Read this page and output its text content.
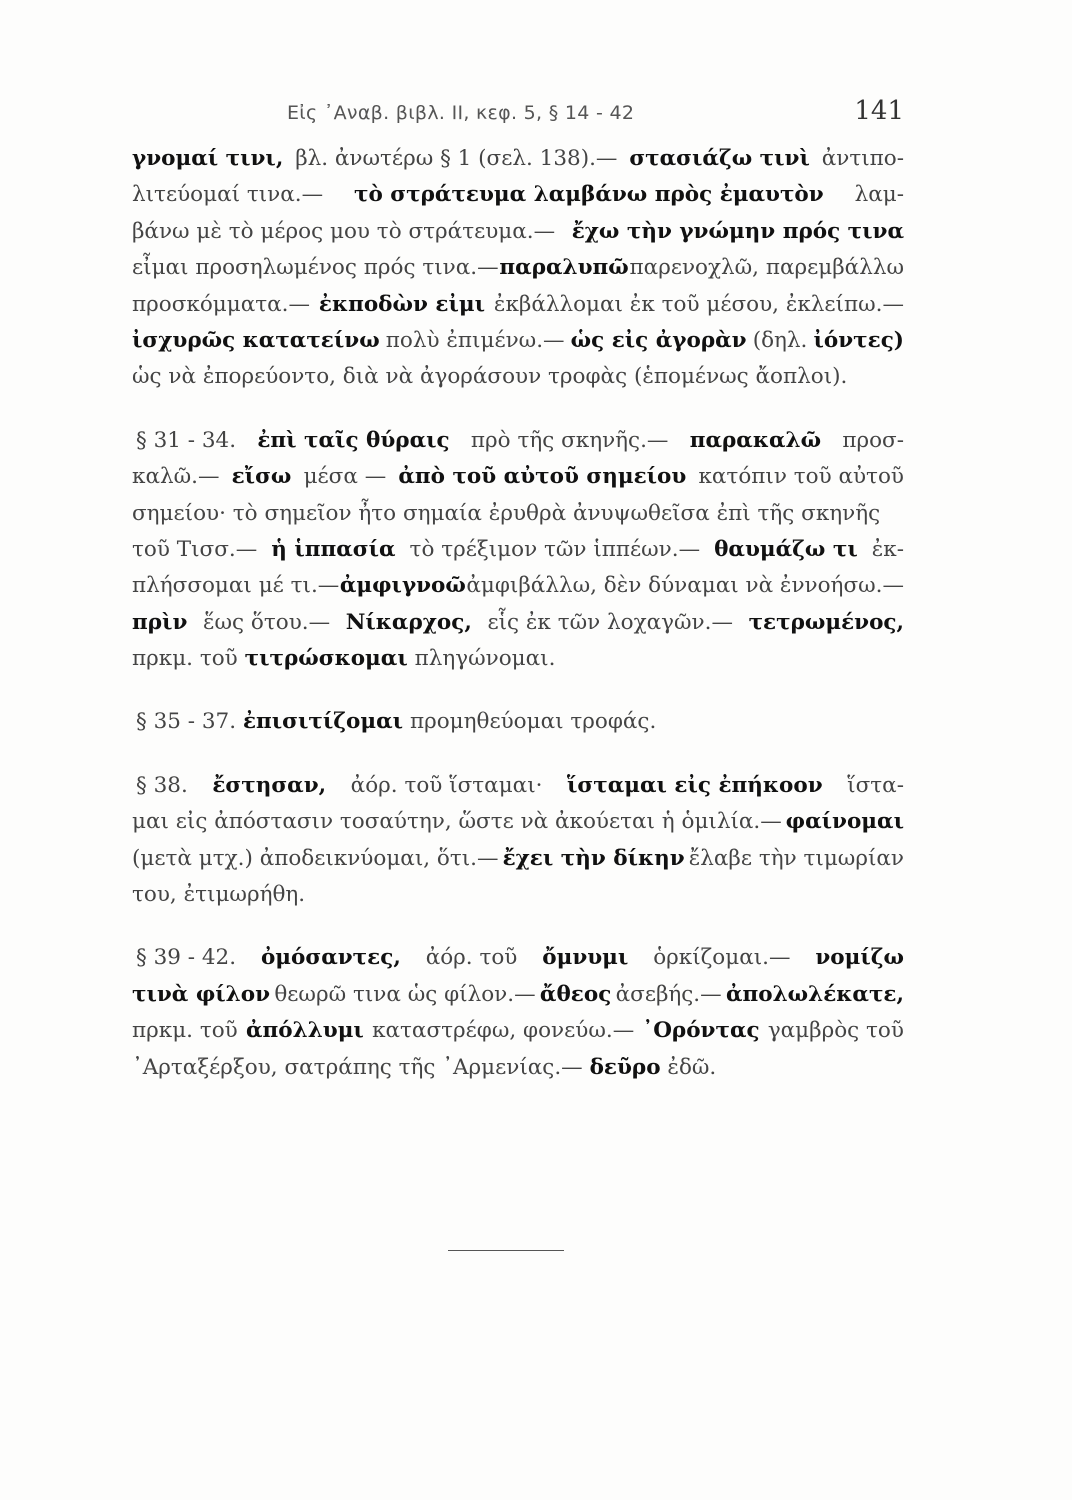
Εἰς ᾿Αναβ. βιβλ. ΙΙ, κεφ. 5, § 14 - 42	141
γνομαί τινι, βλ. ἀνωτέρω § 1 (σελ. 138).— στασιάζω τινὶ ἀντιπο-
λιτεύομαί τινα.— τὸ στράτευμα λαμβάνω πρὸς ἐμαυτὸν λαμ-
βάνω μὲ τὸ μέρος μου τὸ στράτευμα.— ἔχω τὴν γνώμην πρός τινα
εἶμαι προσηλωμένος πρός τινα.— παραλυπῶ παρενοχλῶ, παρεμβάλλω
προσκόμματα.— ἐκποδὼν εἰμι ἐκβάλλομαι ἐκ τοῦ μέσου, ἐκλείπω.—
ἰσχυρῶς κατατείνω πολὺ ἐπιμένω.— ὡς εἰς ἀγορὰν (δηλ. ἰόντες)
ὡς νὰ ἐπορεύοντο, διὰ νὰ ἀγοράσουν τροφὰς (ἑπομένως ἄοπλοι).
§ 31 - 34. ἐπὶ ταῖς θύραις πρὸ τῆς σκηνῆς.— παρακαλῶ προσ-
καλῶ.— εἴσω μέσα — ἀπὸ τοῦ αὐτοῦ σημείου κατόπιν τοῦ αὐτοῦ
σημείου· τὸ σημεῖον ἦτο σημαία ἐρυθρὰ ἀνυψωθεῖσα ἐπὶ τῆς σκηνῆς
τοῦ Τισσ.— ἡ ἱππασία τὸ τρέξιμον τῶν ἱππέων.— θαυμάζω τι ἐκ-
πλήσσομαι μέ τι.— ἀμφιγνοῶ ἀμφιβάλλω, δὲν δύναμαι νὰ ἐννοήσω.—
πρὶν ἕως ὅτου.— Νίκαρχος, εἷς ἐκ τῶν λοχαγῶν.— τετρωμένος,
πρκμ. τοῦ τιτρώσκομαι πληγώνομαι.
§ 35 - 37. ἐπισιτίζομαι προμηθεύομαι τροφάς.
§ 38. ἔστησαν, ἀόρ. τοῦ ἵσταμαι· ἵσταμαι εἰς ἐπήκοον ἵστα-
μαι εἰς ἀπόστασιν τοσαύτην, ὥστε νὰ ἀκούεται ἡ ὁμιλία.— φαίνομαι
(μετὰ μτχ.) ἀποδεικνύομαι, ὅτι.— ἔχει τὴν δίκην ἔλαβε τὴν τιμωρίαν
του, ἐτιμωρήθη.
§ 39 - 42. ὀμόσαντες, ἀόρ. τοῦ ὄμνυμι ὁρκίζομαι.— νομίζω
τινὰ φίλον θεωρῶ τινα ὡς φίλον.— ἄθεος ἀσεβής.— ἀπολωλέκατε,
πρκμ. τοῦ ἀπόλλυμι καταστρέφω, φονεύω.— ᾿Ορόντας γαμβρὸς τοῦ
᾿Αρταξέρξου, σατράπης τῆς ᾿Αρμενίας.— δεῦρο ἐδῶ.
